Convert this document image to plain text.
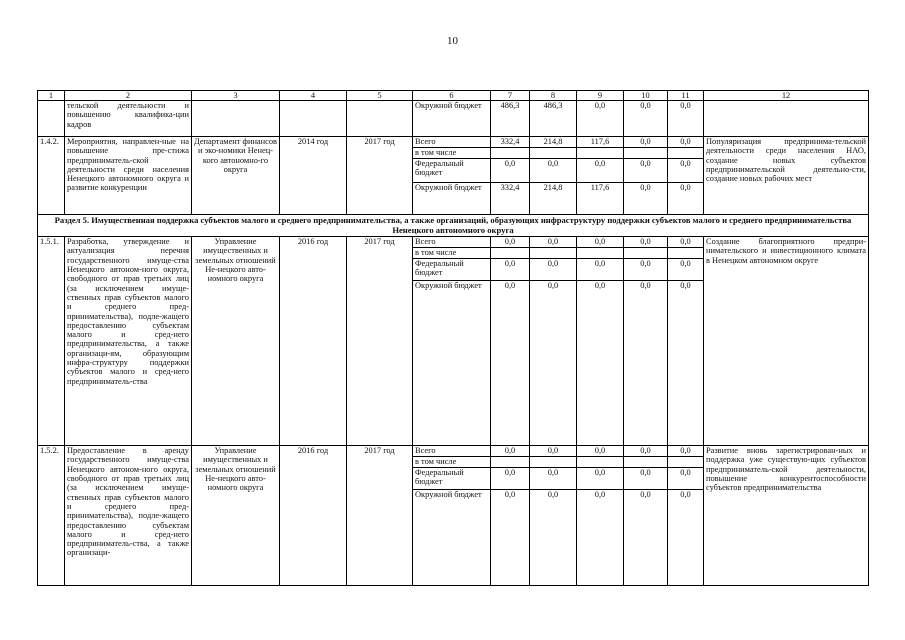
10
1	2	3	4	5	6	7	8	9	10	11	12
	тельской деятельности и повышению квалифика-ции кадров				Окружной бюджет	486,3	486,3	0,0	0,0	0,0	
1.4.2.	Мероприятия, направлен-ные на повышение пре-стижа предприниматель-ской деятельности среди населения Ненецкого автономного округа и развитие конкуренции	Департамент финансов и эко-номики Ненец-кого автономно-го округа	2014 год	2017 год	Всего	332,4	214,8	117,6	0,0	0,0	Популяризация предпринима-тельской деятельности среди населения НАО, создание новых субъектов предпринимательской деятельно-сти, создание новых рабочих мест
					в том числе						
					Федеральный бюджет	0,0	0,0	0,0	0,0	0,0	
					Окружной бюджет	332,4	214,8	117,6	0,0	0,0	
Раздел 5. Имущественная поддержка субъектов малого и среднего предпринимательства, а также организаций, образующих инфраструктуру поддержки субъектов малого и среднего предпринимательства Ненецкого автономного округа											
1.5.1.	Разработка, утверждение и актуализация перечня государственного имуще-ства Ненецкого автоном-ного округа, свободного от прав третьих лиц (за исключением имуще-ственных прав субъектов малого и среднего пред-принимательства), подле-жащего предоставлению субъектам малого и сред-него предпринимательства, а также организаци-ям, образующим инфра-структуру поддержки субъектов малого и сред-него предприниматель-ства	Управление имущественных и земельных отношений Не-нецкого авто-номного округа	2016 год	2017 год	Всего	0,0	0,0	0,0	0,0	0,0	Создание благоприятного предпри-нимательского и инвестиционного климата в Ненецком автономном округе
					в том числе						
					Федеральный бюджет	0,0	0,0	0,0	0,0	0,0	
					Окружной бюджет	0,0	0,0	0,0	0,0	0,0	
1.5.2.	Предоставление в аренду государственного имуще-ства Ненецкого автоном-ного округа, свободного от прав третьих лиц (за исключением имуще-ственных прав субъектов малого и среднего пред-принимательства), подле-жащего предоставлению субъектам малого и сред-него предприниматель-ства, а также организаци-	Управление имущественных и земельных отношений Не-нецкого авто-номного округа	2016 год	2017 год	Всего	0,0	0,0	0,0	0,0	0,0	Развитие вновь зарегистрирован-ных и поддержка уже существую-щих субъектов предприниматель-ской деятельности, повышение конкурентоспособности субъектов предпринимательства
					в том числе						
					Федеральный бюджет	0,0	0,0	0,0	0,0	0,0	
					Окружной бюджет	0,0	0,0	0,0	0,0	0,0	
